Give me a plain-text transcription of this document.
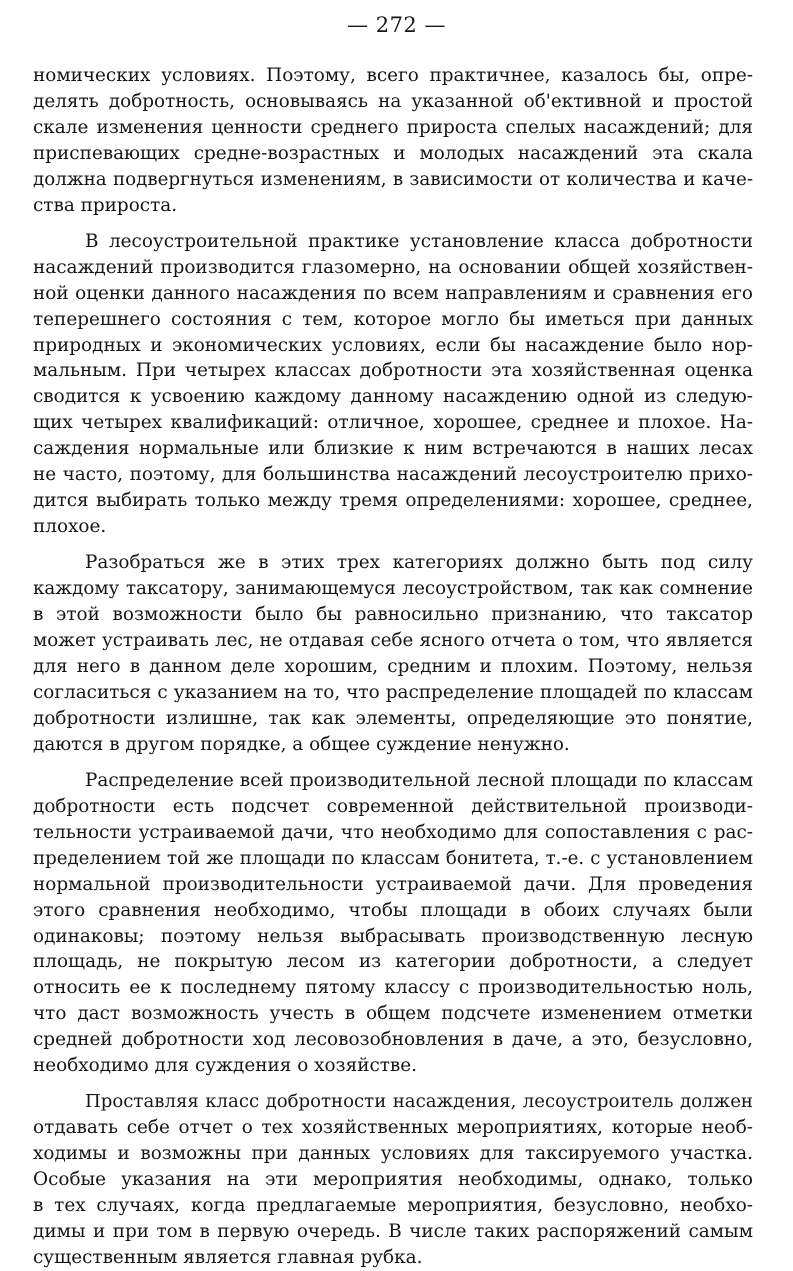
— 272 —
номических условиях. Поэтому, всего практичнее, казалось бы, опре-
делять добротность, основываясь на указанной об'ективной и простой
скале изменения ценности среднего прироста спелых насаждений; для
приспевающих средне-возрастных и молодых насаждений эта скала
должна подвергнуться изменениям, в зависимости от количества и каче-
ства прироста.
В лесоустроительной практике установление класса добротности
насаждений производится глазомерно, на основании общей хозяйствен-
ной оценки данного насаждения по всем направлениям и сравнения его
теперешнего состояния с тем, которое могло бы иметься при данных
природных и экономических условиях, если бы насаждение было нор-
мальным. При четырех классах добротности эта хозяйственная оценка
сводится к усвоению каждому данному насаждению одной из следую-
щих четырех квалификаций: отличное, хорошее, среднее и плохое. На-
саждения нормальные или близкие к ним встречаются в наших лесах
не часто, поэтому, для большинства насаждений лесоустроителю прихо-
дится выбирать только между тремя определениями: хорошее, среднее,
плохое.
Разобраться же в этих трех категориях должно быть под силу
каждому таксатору, занимающемуся лесоустройством, так как сомнение
в этой возможности было бы равносильно признанию, что таксатор
может устраивать лес, не отдавая себе ясного отчета о том, что является
для него в данном деле хорошим, средним и плохим. Поэтому, нельзя
согласиться с указанием на то, что распределение площадей по классам
добротности излишне, так как элементы, определяющие это понятие,
даются в другом порядке, а общее суждение ненужно.
Распределение всей производительной лесной площади по классам
добротности есть подсчет современной действительной производи-
тельности устраиваемой дачи, что необходимо для сопоставления с рас-
пределением той же площади по классам бонитета, т.-е. с установлением
нормальной производительности устраиваемой дачи. Для проведения
этого сравнения необходимо, чтобы площади в обоих случаях были
одинаковы; поэтому нельзя выбрасывать производственную лесную
площадь, не покрытую лесом из категории добротности, а следует
относить ее к последнему пятому классу с производительностью ноль,
что даст возможность учесть в общем подсчете изменением отметки
средней добротности ход лесовозобновления в даче, а это, безусловно,
необходимо для суждения о хозяйстве.
Проставляя класс добротности насаждения, лесоустроитель должен
отдавать себе отчет о тех хозяйственных мероприятиях, которые необ-
ходимы и возможны при данных условиях для таксируемого участка.
Особые указания на эти мероприятия необходимы, однако, только
в тех случаях, когда предлагаемые мероприятия, безусловно, необхо-
димы и при том в первую очередь. В числе таких распоряжений самым
существенным является главная рубка.
